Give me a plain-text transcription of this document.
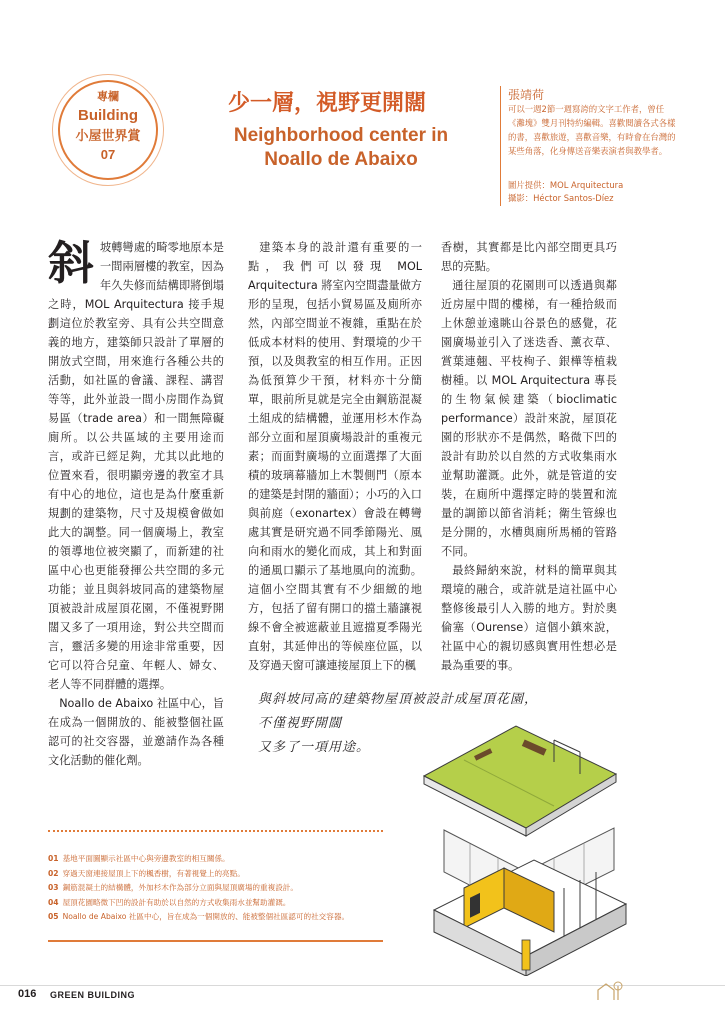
專欄
Building
小屋世界賞
07
少一層，視野更開闊
Neighborhood center in Noallo de Abaixo
張靖荷
可以一週2節一週寫誇的文字工作者，曾任《灘塊》雙月刊特約編輯。喜歡閱讀各式各樣的書，喜歡旅遊，喜歡音樂，有時會在台灣的某些角落，化身傳送音樂表演者與教學者。
圖片提供：MOL Arquitectura
攝影：Héctor Santos-Díez

斜 坡轉彎處的畸零地原本是一間兩層樓的教室，因為年久失修而結構即將倒塌之時，MOL Arquitectura 接手規劃這位於教室旁、具有公共空間意義的地方，建築師只設計了單層的開放式空間，用來進行各種公共的活動，如社區的會議、課程、講習等等，此外並設一間小房間作為貿易區（trade area）和一間無障礙廁所。以公共區域的主要用途而言，或許已經足夠，尤其以此地的位置來看，很明顯旁邊的教室才具有中心的地位，這也是為什麼重新規劃的建築物，尺寸及規模會做如此大的調整。同一個廣場上，教室的領導地位被突顯了，而新建的社區中心也更能發揮公共空間的多元功能；並且與斜坡同高的建築物屋頂被設計成屋頂花園，不僅視野開闊又多了一項用途，對公共空間而言，靈活多變的用途非常重要，因它可以符合兒童、年輕人、婦女、老人等不同群體的選擇。

Noallo de Abaixo 社區中心，旨在成為一個開放的、能被整個社區認可的社交容器，並邀請作為各種文化活動的催化劑。

建築本身的設計還有重要的一點，我們可以發現 MOL Arquitectura 將室內空間盡量做方形的呈現，包括小貿易區及廁所亦然，內部空間並不複雜，重點在於低成本材料的使用、對環境的少干預，以及與教室的相互作用。正因為低預算少干預，材料亦十分簡單，眼前所見就是完全由鋼筋混凝土組成的結構體，並運用杉木作為部分立面和屋頂廣場設計的重複元素；而面對廣場的立面選擇了大面積的玻璃幕牆加上木製側門（原本的建築是封閉的牆面）；小巧的入口與前庭（exonartex）會設在轉彎處其實是研究過不同季節陽光、風向和雨水的變化而成，其上和對面的通風口顯示了基地風向的流動。這個小空間其實有不少細緻的地方，包括了留有開口的擋土牆讓視線不會全被遮蔽並且遮擋夏季陽光直射，其延伸出的等候座位區，以及穿過天窗可讓連接屋頂上下的楓

香樹，其實都是比內部空間更具巧思的亮點。

通往屋頂的花園則可以透過與鄰近房屋中間的樓梯，有一種拾級而上休憩並遠眺山谷景色的感覺，花園廣場並引入了迷迭香、薰衣草、賞葉連翹、平枝栒子、銀樺等植栽樹種。以 MOL Arquitectura 專長的生物氣候建築（bioclimatic performance）設計來說，屋頂花園的形狀亦不是偶然，略微下凹的設計有助於以自然的方式收集雨水並幫助灌溉。此外，就是管道的安裝，在廁所中選擇定時的裝置和流量的調節以節省消耗；衛生管線也是分開的，水槽與廁所馬桶的管路不同。

最終歸納來說，材料的簡單與其環境的融合，或許就是這社區中心整修後最引人入勝的地方。對於奧倫塞（Ourense）這個小鎮來說，社區中心的親切感與實用性想必是最為重要的事。

與斜坡同高的建築物屋頂被設計成屋頂花園，
不僅視野開闊
又多了一項用途。
01 基地平面圖顯示社區中心與旁邊教室的相互關係。
02 穿過天窗連接屋頂上下的楓香樹，有著視覺上的亮點。
03 鋼筋混凝土的結構體，外加杉木作為部分立面與屋頂廣場的重複設計。
04 屋頂花園略微下凹的設計有助於以自然的方式收集雨水並幫助灌溉。
05 Noallo de Abaixo 社區中心，旨在成為一個開放的、能被整個社區認可的社交容器。
016 GREEN BUILDING
